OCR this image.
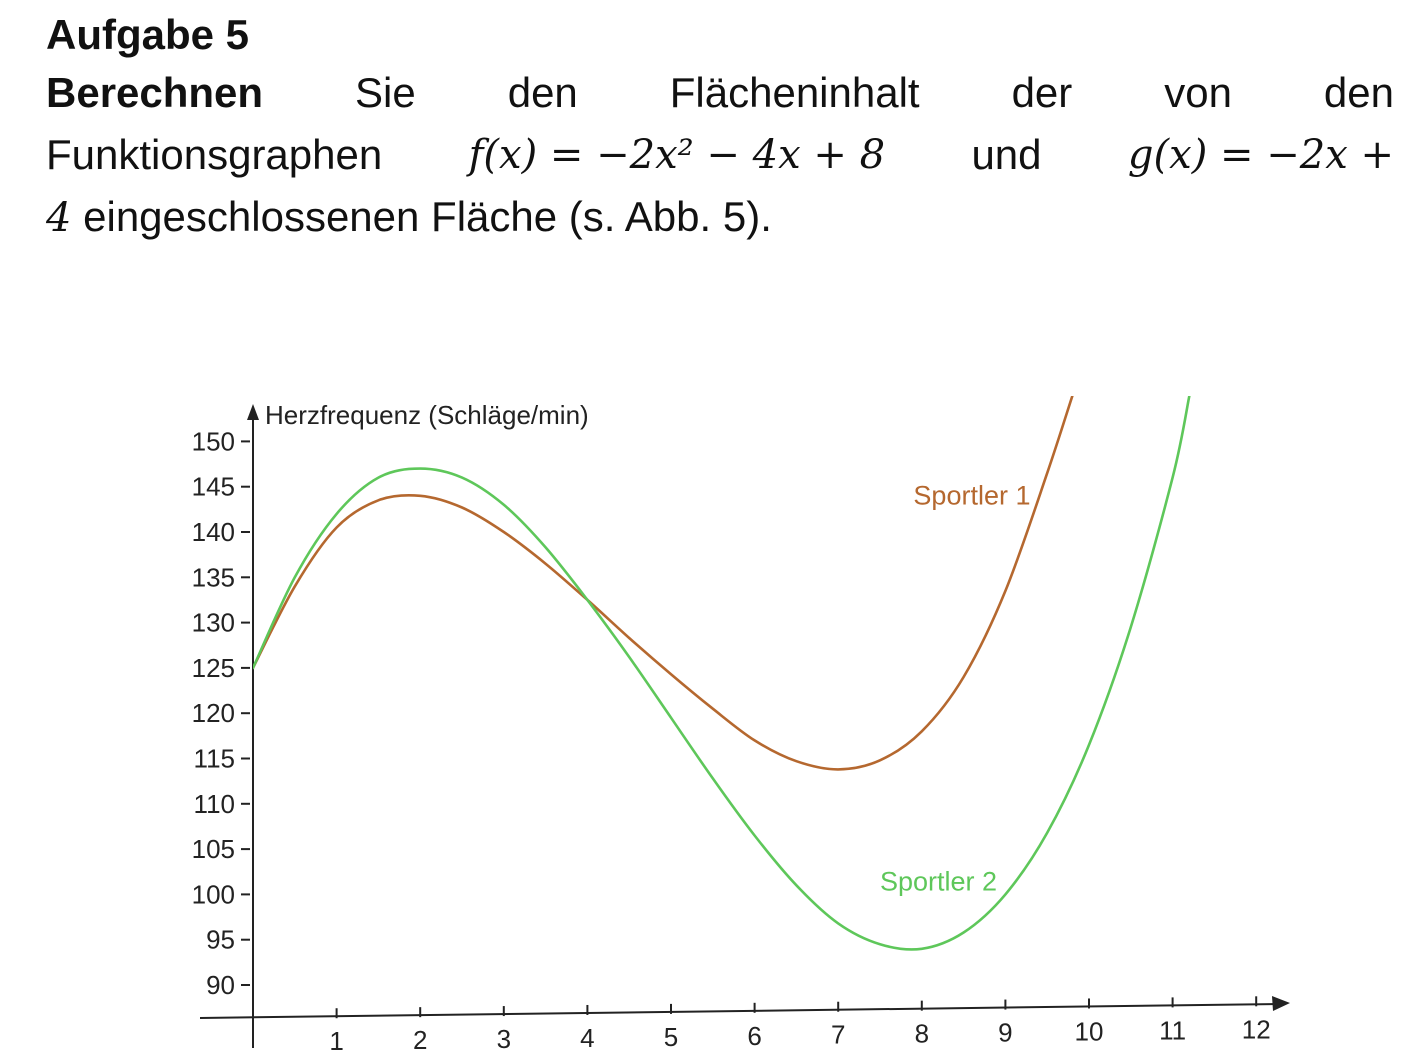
Aufgabe 5
Berechnen Sie den Flächeninhalt der von den
Funktionsgraphen f(x) = −2x² − 4x + 8 und g(x) = −2x +
4 eingeschlossenen Fläche (s. Abb. 5).
90
95
100
105
110
115
120
125
130
135
140
145
150
1	2	3	4	5	6	7	8	9 10 11 12
Herzfrequenz (Schläge/min)
Sportler 1
Sportler 2
